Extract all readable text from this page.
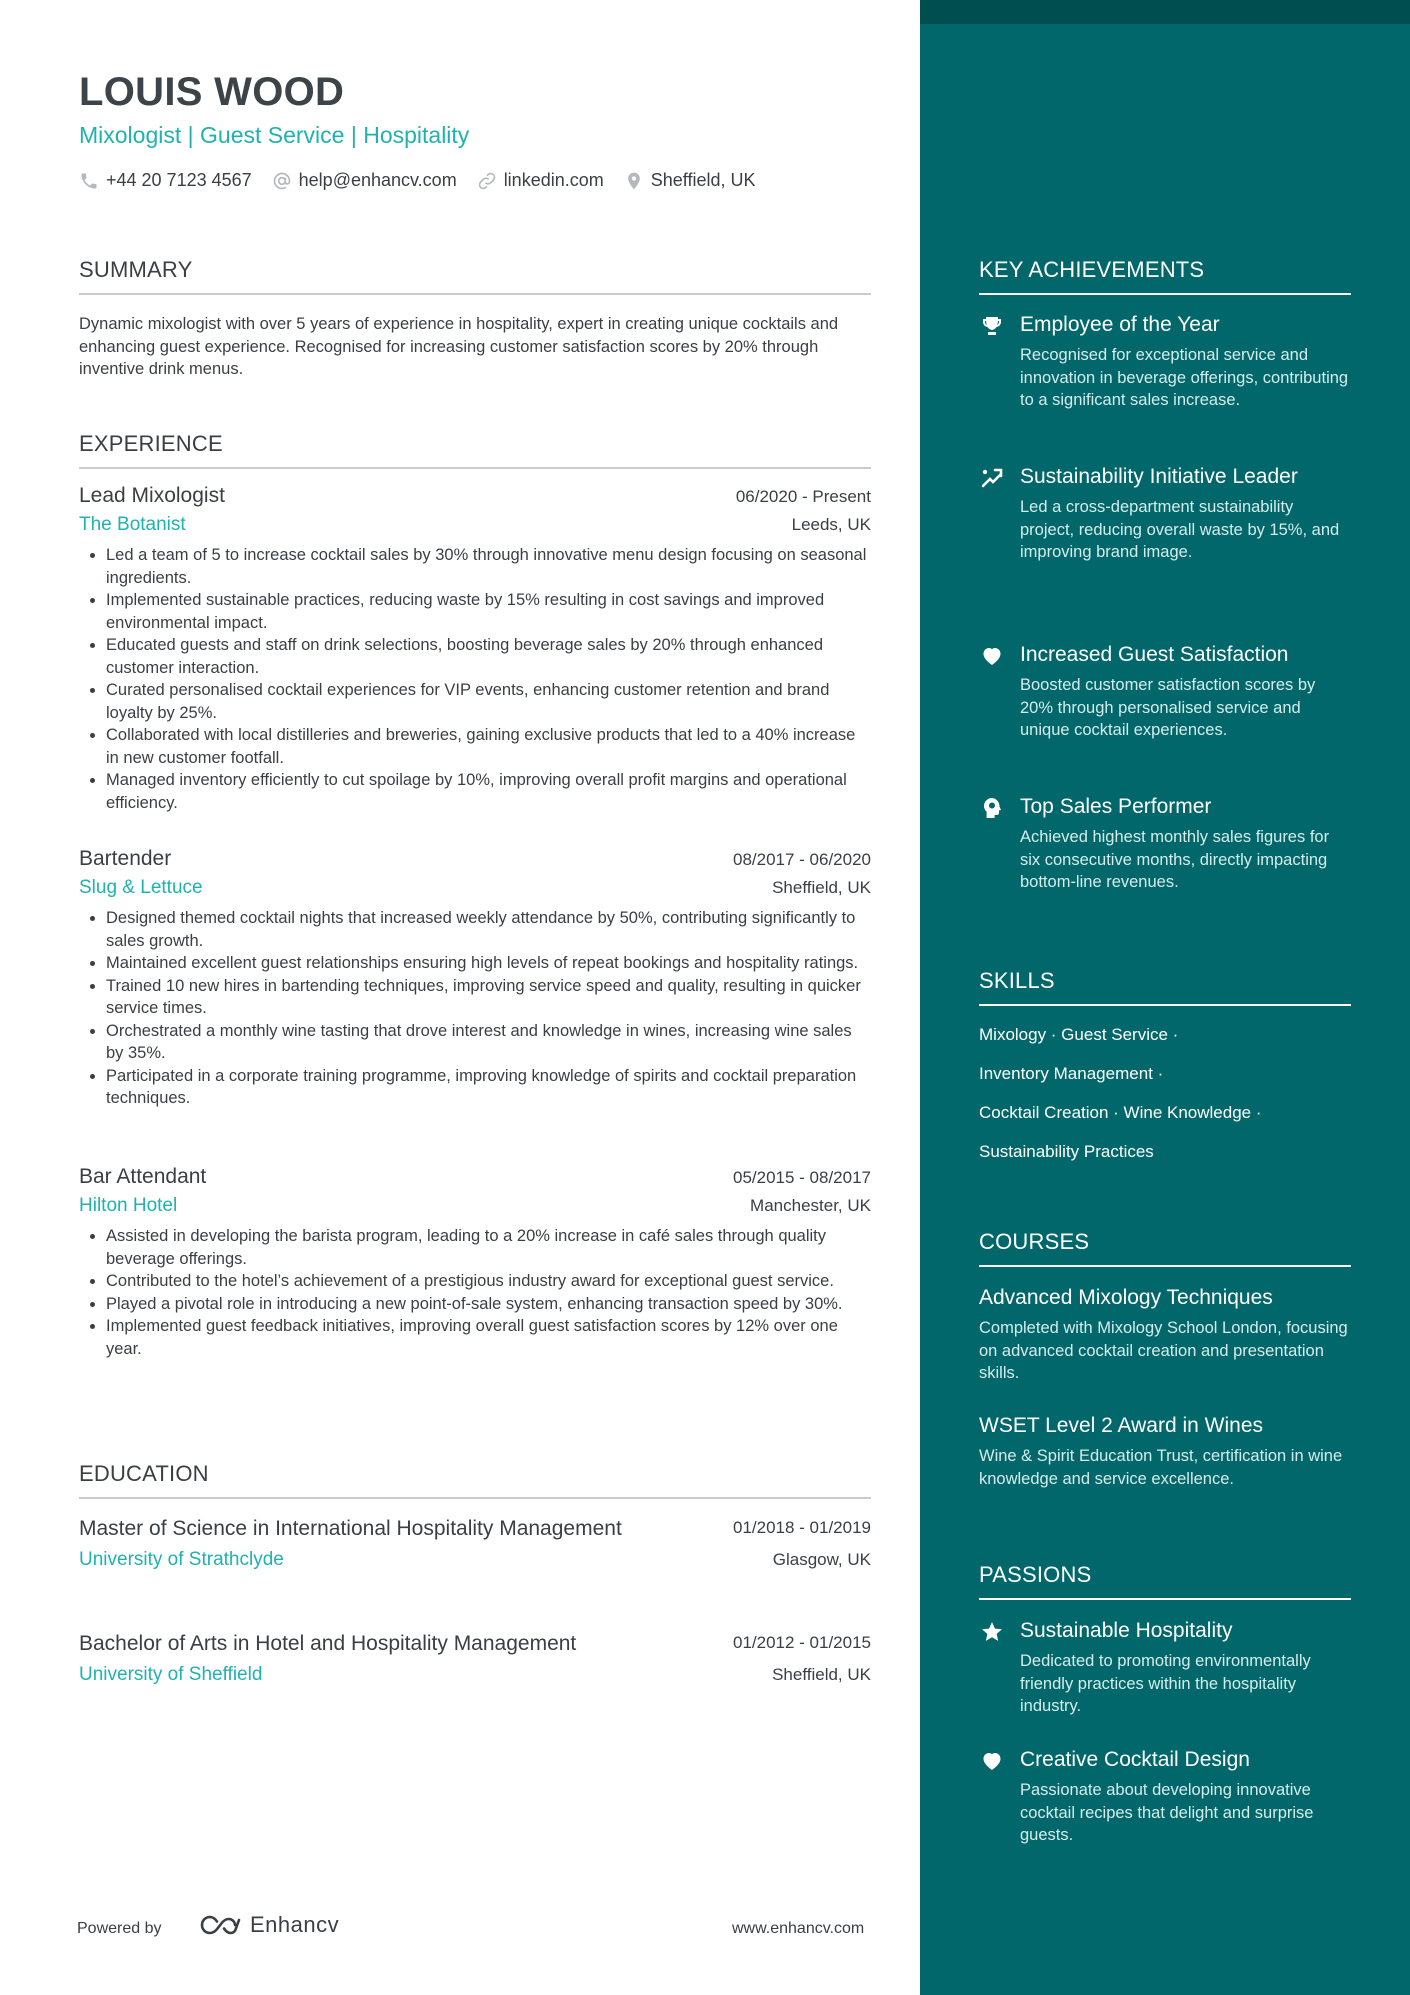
LOUIS WOOD
Mixologist | Guest Service | Hospitality
+44 20 7123 4567	help@enhancv.com	linkedin.com	Sheffield, UK
SUMMARY
Dynamic mixologist with over 5 years of experience in hospitality, expert in creating unique cocktails and enhancing guest experience. Recognised for increasing customer satisfaction scores by 20% through inventive drink menus.
EXPERIENCE
Lead Mixologist	06/2020 - Present
The Botanist	Leeds, UK
• Led a team of 5 to increase cocktail sales by 30% through innovative menu design focusing on seasonal ingredients.
• Implemented sustainable practices, reducing waste by 15% resulting in cost savings and improved environmental impact.
• Educated guests and staff on drink selections, boosting beverage sales by 20% through enhanced customer interaction.
• Curated personalised cocktail experiences for VIP events, enhancing customer retention and brand loyalty by 25%.
• Collaborated with local distilleries and breweries, gaining exclusive products that led to a 40% increase in new customer footfall.
• Managed inventory efficiently to cut spoilage by 10%, improving overall profit margins and operational efficiency.
Bartender	08/2017 - 06/2020
Slug & Lettuce	Sheffield, UK
• Designed themed cocktail nights that increased weekly attendance by 50%, contributing significantly to sales growth.
• Maintained excellent guest relationships ensuring high levels of repeat bookings and hospitality ratings.
• Trained 10 new hires in bartending techniques, improving service speed and quality, resulting in quicker service times.
• Orchestrated a monthly wine tasting that drove interest and knowledge in wines, increasing wine sales by 35%.
• Participated in a corporate training programme, improving knowledge of spirits and cocktail preparation techniques.
Bar Attendant	05/2015 - 08/2017
Hilton Hotel	Manchester, UK
• Assisted in developing the barista program, leading to a 20% increase in café sales through quality beverage offerings.
• Contributed to the hotel’s achievement of a prestigious industry award for exceptional guest service.
• Played a pivotal role in introducing a new point-of-sale system, enhancing transaction speed by 30%.
• Implemented guest feedback initiatives, improving overall guest satisfaction scores by 12% over one year.
EDUCATION
Master of Science in International Hospitality Management	01/2018 - 01/2019
University of Strathclyde	Glasgow, UK
Bachelor of Arts in Hotel and Hospitality Management	01/2012 - 01/2015
University of Sheffield	Sheffield, UK
Powered by	Enhancv	www.enhancv.com
KEY ACHIEVEMENTS
Employee of the Year
Recognised for exceptional service and innovation in beverage offerings, contributing to a significant sales increase.
Sustainability Initiative Leader
Led a cross-department sustainability project, reducing overall waste by 15%, and improving brand image.
Increased Guest Satisfaction
Boosted customer satisfaction scores by 20% through personalised service and unique cocktail experiences.
Top Sales Performer
Achieved highest monthly sales figures for six consecutive months, directly impacting bottom-line revenues.
SKILLS
Mixology · Guest Service ·
Inventory Management ·
Cocktail Creation · Wine Knowledge ·
Sustainability Practices
COURSES
Advanced Mixology Techniques
Completed with Mixology School London, focusing on advanced cocktail creation and presentation skills.
WSET Level 2 Award in Wines
Wine & Spirit Education Trust, certification in wine knowledge and service excellence.
PASSIONS
Sustainable Hospitality
Dedicated to promoting environmentally friendly practices within the hospitality industry.
Creative Cocktail Design
Passionate about developing innovative cocktail recipes that delight and surprise guests.
